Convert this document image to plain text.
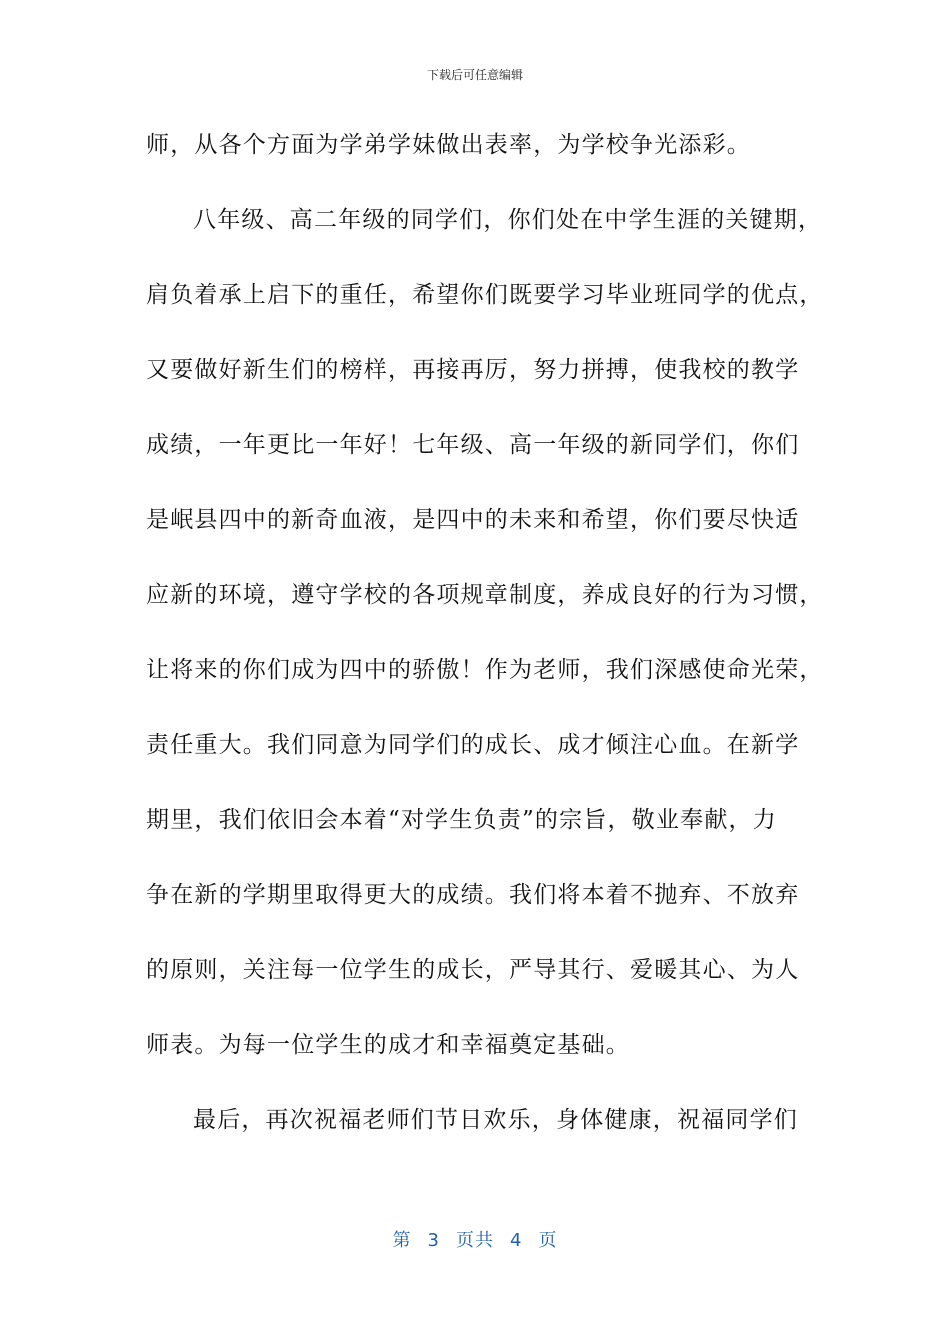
下载后可任意编辑
师，从各个方面为学弟学妹做出表率，为学校争光添彩。
八年级、高二年级的同学们，你们处在中学生涯的关键期，
肩负着承上启下的重任，希望你们既要学习毕业班同学的优点，
又要做好新生们的榜样，再接再厉，努力拼搏，使我校的教学
成绩，一年更比一年好！七年级、高一年级的新同学们，你们
是岷县四中的新奇血液，是四中的未来和希望，你们要尽快适
应新的环境，遵守学校的各项规章制度，养成良好的行为习惯，
让将来的你们成为四中的骄傲！作为老师，我们深感使命光荣，
责任重大。我们同意为同学们的成长、成才倾注心血。在新学
期里，我们依旧会本着“对学生负责”的宗旨，敬业奉献，力
争在新的学期里取得更大的成绩。我们将本着不抛弃、不放弃
的原则，关注每一位学生的成长，严导其行、爱暖其心、为人
师表。为每一位学生的成才和幸福奠定基础。
最后，再次祝福老师们节日欢乐，身体健康，祝福同学们
第 3 页共 4 页
